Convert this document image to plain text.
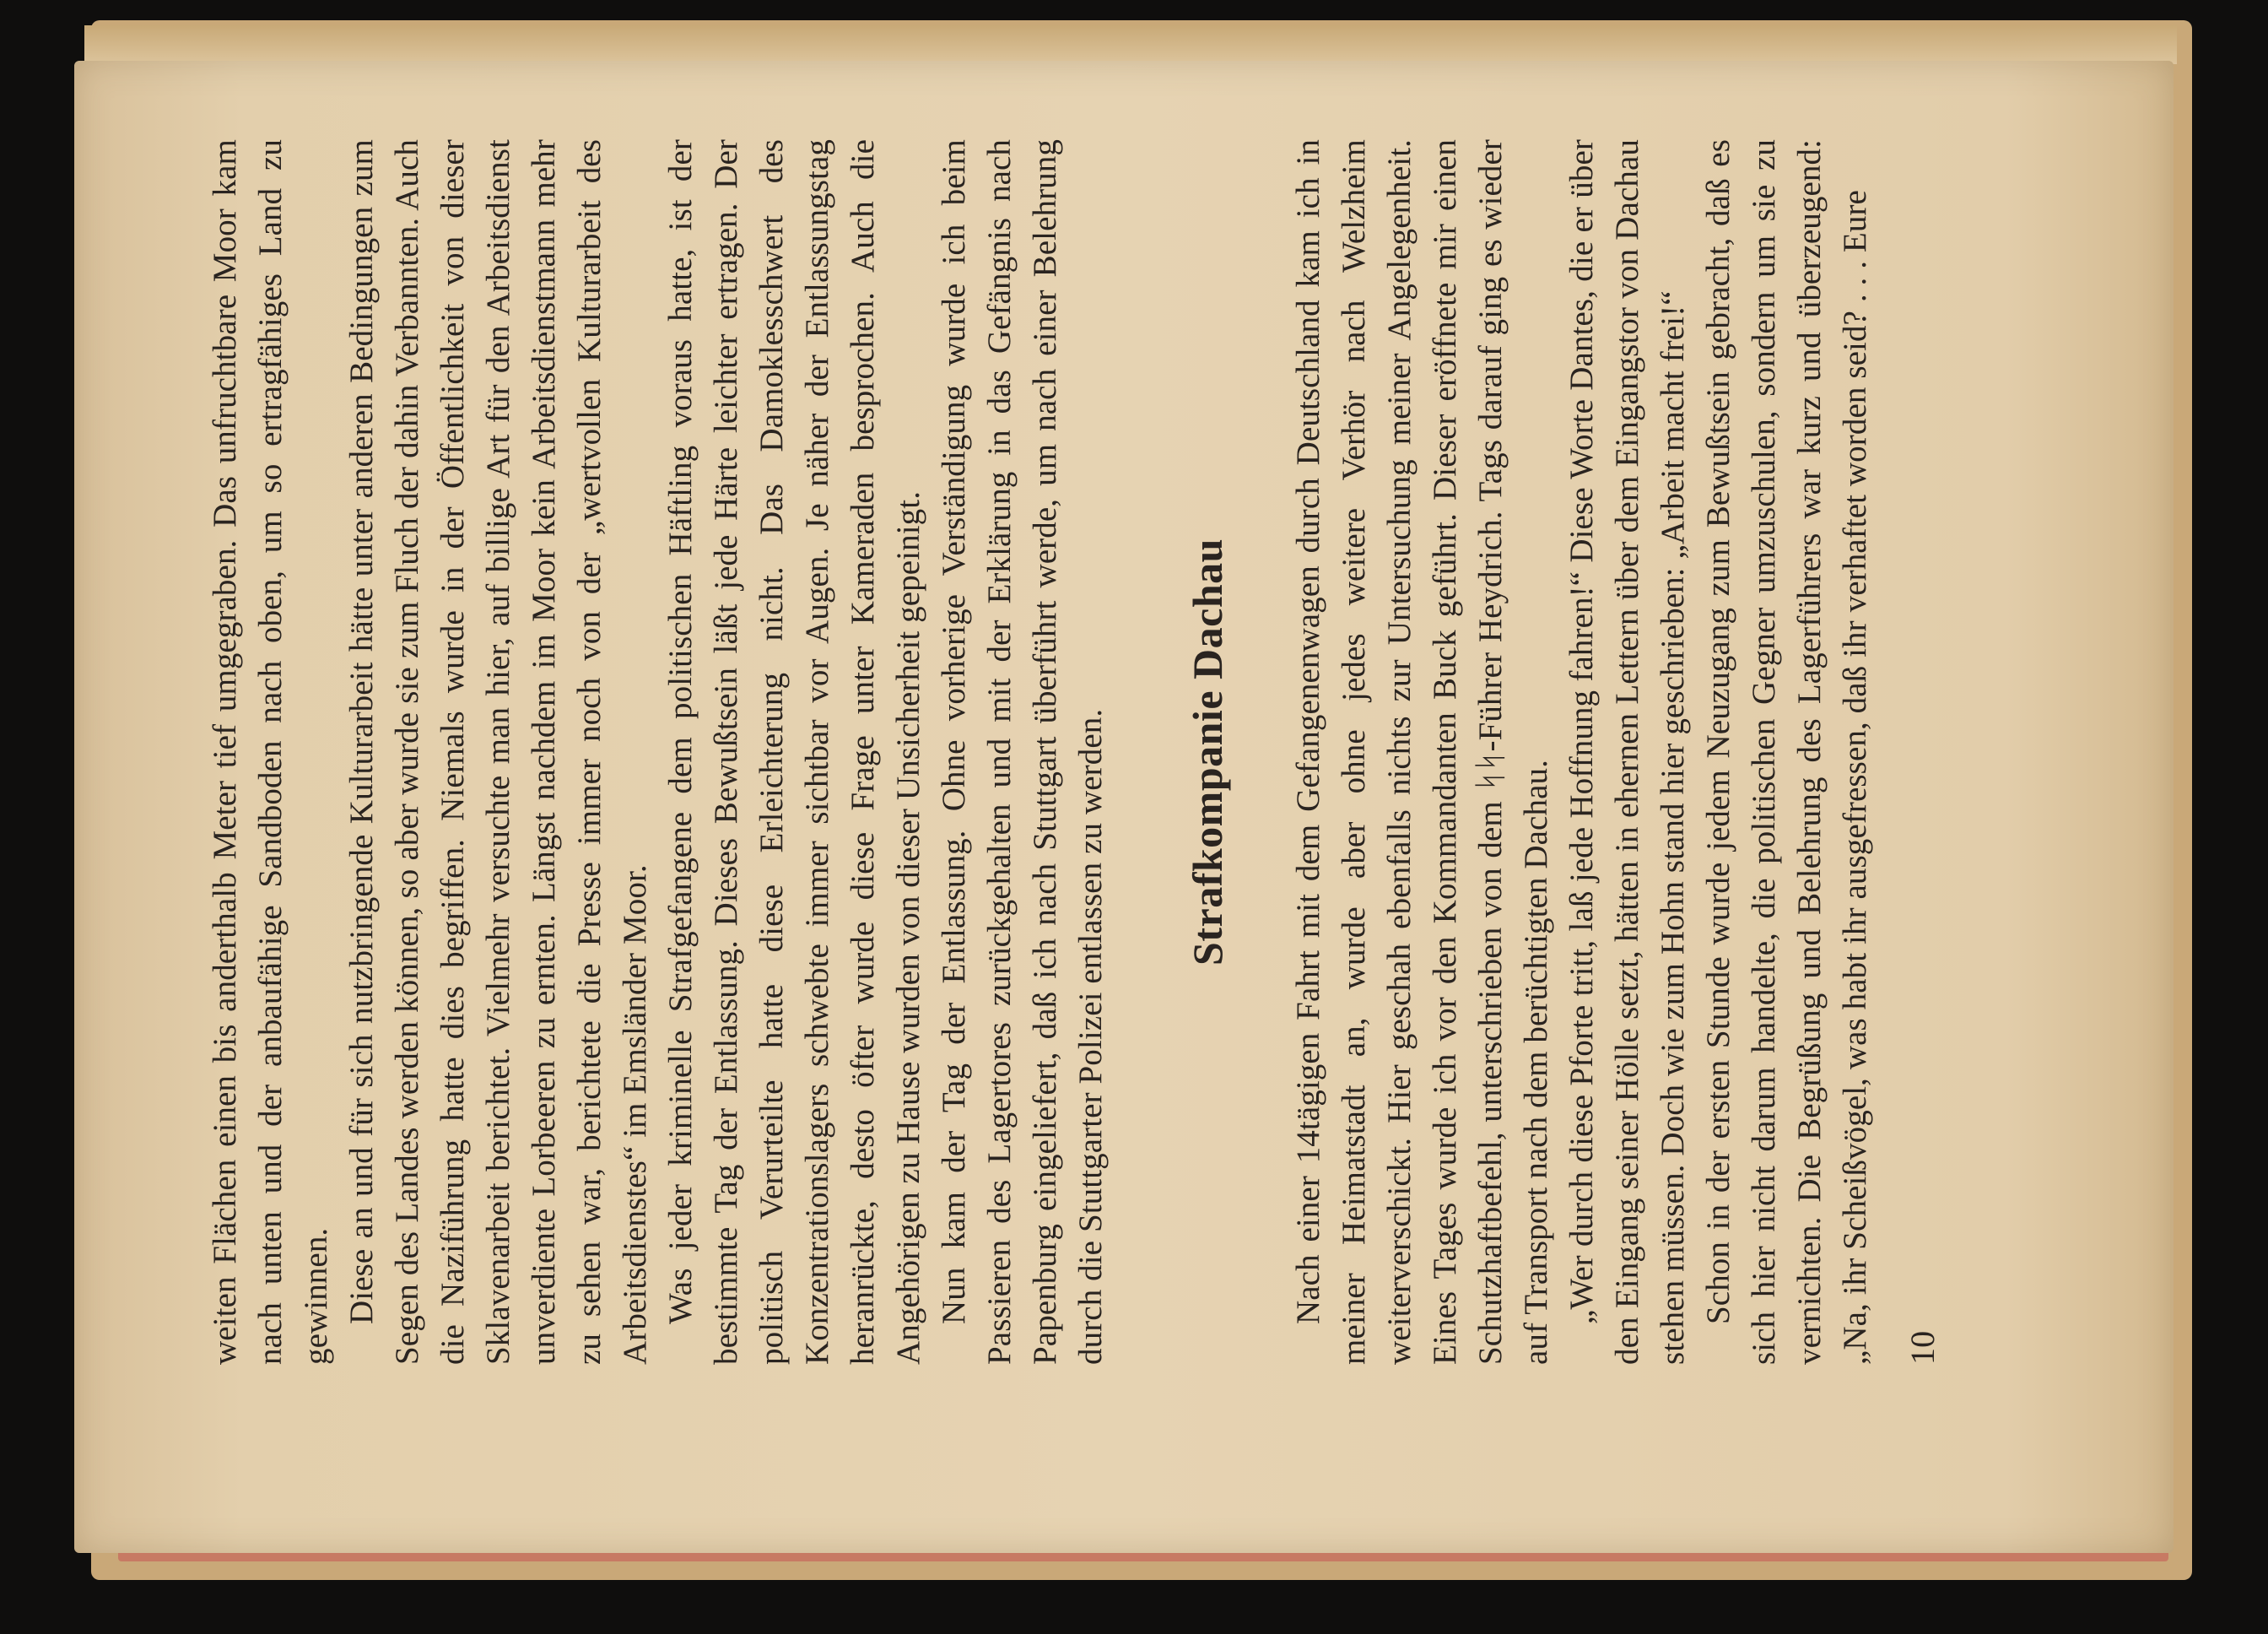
weiten Flächen einen bis anderthalb Meter tief umgegraben. Das unfruchtbare Moor kam nach unten und der anbaufähige Sandboden nach oben, um so ertragfähiges Land zu gewinnen. Diese an und für sich nutzbringende Kulturarbeit hätte unter anderen Bedingungen zum Segen des Landes werden können, so aber wurde sie zum Fluch der dahin Verbannten. Auch die Naziführung hatte dies begriffen. Niemals wurde in der Öffentlichkeit von dieser Sklavenarbeit berichtet. Vielmehr versuchte man hier, auf billige Art für den Arbeitsdienst unverdiente Lorbeeren zu ernten. Längst nachdem im Moor kein Arbeitsdienstmann mehr zu sehen war, berichtete die Presse immer noch von der „wertvollen Kulturarbeit des Arbeitsdienstes“ im Emsländer Moor. Was jeder kriminelle Strafgefangene dem politischen Häftling voraus hatte, ist der bestimmte Tag der Entlassung. Dieses Bewußtsein läßt jede Härte leichter ertragen. Der politisch Verurteilte hatte diese Erleichterung nicht. Das Damoklesschwert des Konzentrationslagers schwebte immer sichtbar vor Augen. Je näher der Entlassungstag heranrückte, desto öfter wurde diese Frage unter Kameraden besprochen. Auch die Angehörigen zu Hause wurden von dieser Unsicherheit gepeinigt. Nun kam der Tag der Entlassung. Ohne vorherige Verständigung wurde ich beim Passieren des Lagertores zurückgehalten und mit der Erklärung in das Gefängnis nach Papenburg eingeliefert, daß ich nach Stuttgart überführt werde, um nach einer Belehrung durch die Stuttgarter Polizei entlassen zu werden. Strafkompanie Dachau Nach einer 14tägigen Fahrt mit dem Gefangenenwagen durch Deutschland kam ich in meiner Heimatstadt an, wurde aber ohne jedes weitere Verhör nach Welzheim weiterverschickt. Hier geschah ebenfalls nichts zur Untersuchung meiner Angelegenheit. Eines Tages wurde ich vor den Kommandanten Buck geführt. Dieser eröffnete mir einen Schutzhaftbefehl, unterschrieben von dem ᛋᛋ-Führer Heydrich. Tags darauf ging es wieder auf Transport nach dem berüchtigten Dachau. „Wer durch diese Pforte tritt, laß jede Hoffnung fahren!“ Diese Worte Dantes, die er über den Eingang seiner Hölle setzt, hätten in ehernen Lettern über dem Eingangstor von Dachau stehen müssen. Doch wie zum Hohn stand hier geschrieben: „Arbeit macht frei!“ Schon in der ersten Stunde wurde jedem Neuzugang zum Bewußtsein gebracht, daß es sich hier nicht darum handelte, die politischen Gegner umzuschulen, sondern um sie zu vernichten. Die Begrüßung und Belehrung des Lagerführers war kurz und überzeugend: „Na, ihr Scheißvögel, was habt ihr ausgefressen, daß ihr verhaftet worden seid? . . . Eure 10
